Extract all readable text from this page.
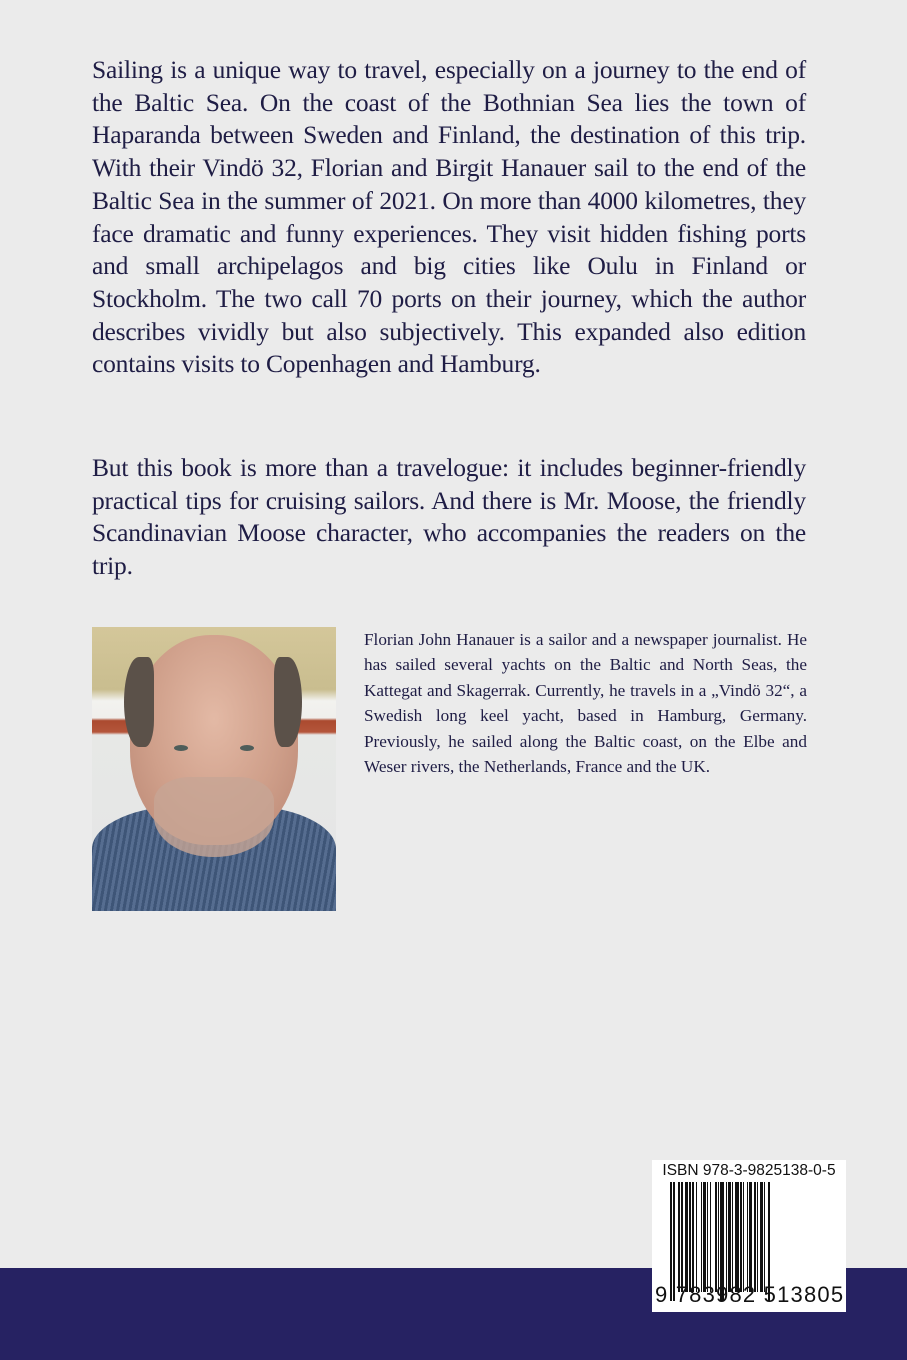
Sailing is a unique way to travel, especially on a journey to the end of the Baltic Sea. On the coast of the Bothnian Sea lies the town of Haparanda between Sweden and Finland, the destination of this trip. With their Vindö 32, Florian and Birgit Hanauer sail to the end of the Baltic Sea in the summer of 2021. On more than 4000 kilometres, they face dramatic and funny experiences. They visit hidden fishing ports and small archipelagos and big cities like Oulu in Finland or Stockholm. The two call 70 ports on their journey, which the author describes vividly but also subjectively. This expanded also edition contains visits to Copenhagen and Hamburg.

But this book is more than a travelogue: it includes beginner-friendly practical tips for cruising sailors. And there is Mr. Moose, the friendly Scandinavian Moose character, who accompanies the readers on the trip.

Florian John Hanauer is a sailor and a newspaper journalist. He has sailed several yachts on the Baltic and North Seas, the Kattegat and Skagerrak. Currently, he travels in a „Vindö 32“, a Swedish long keel yacht, based in Hamburg, Germany. Previously, he sailed along the Baltic coast, on the Elbe and Weser rivers, the Netherlands, France and the UK.

ISBN 978-3-9825138-0-5
9 783982 513805
